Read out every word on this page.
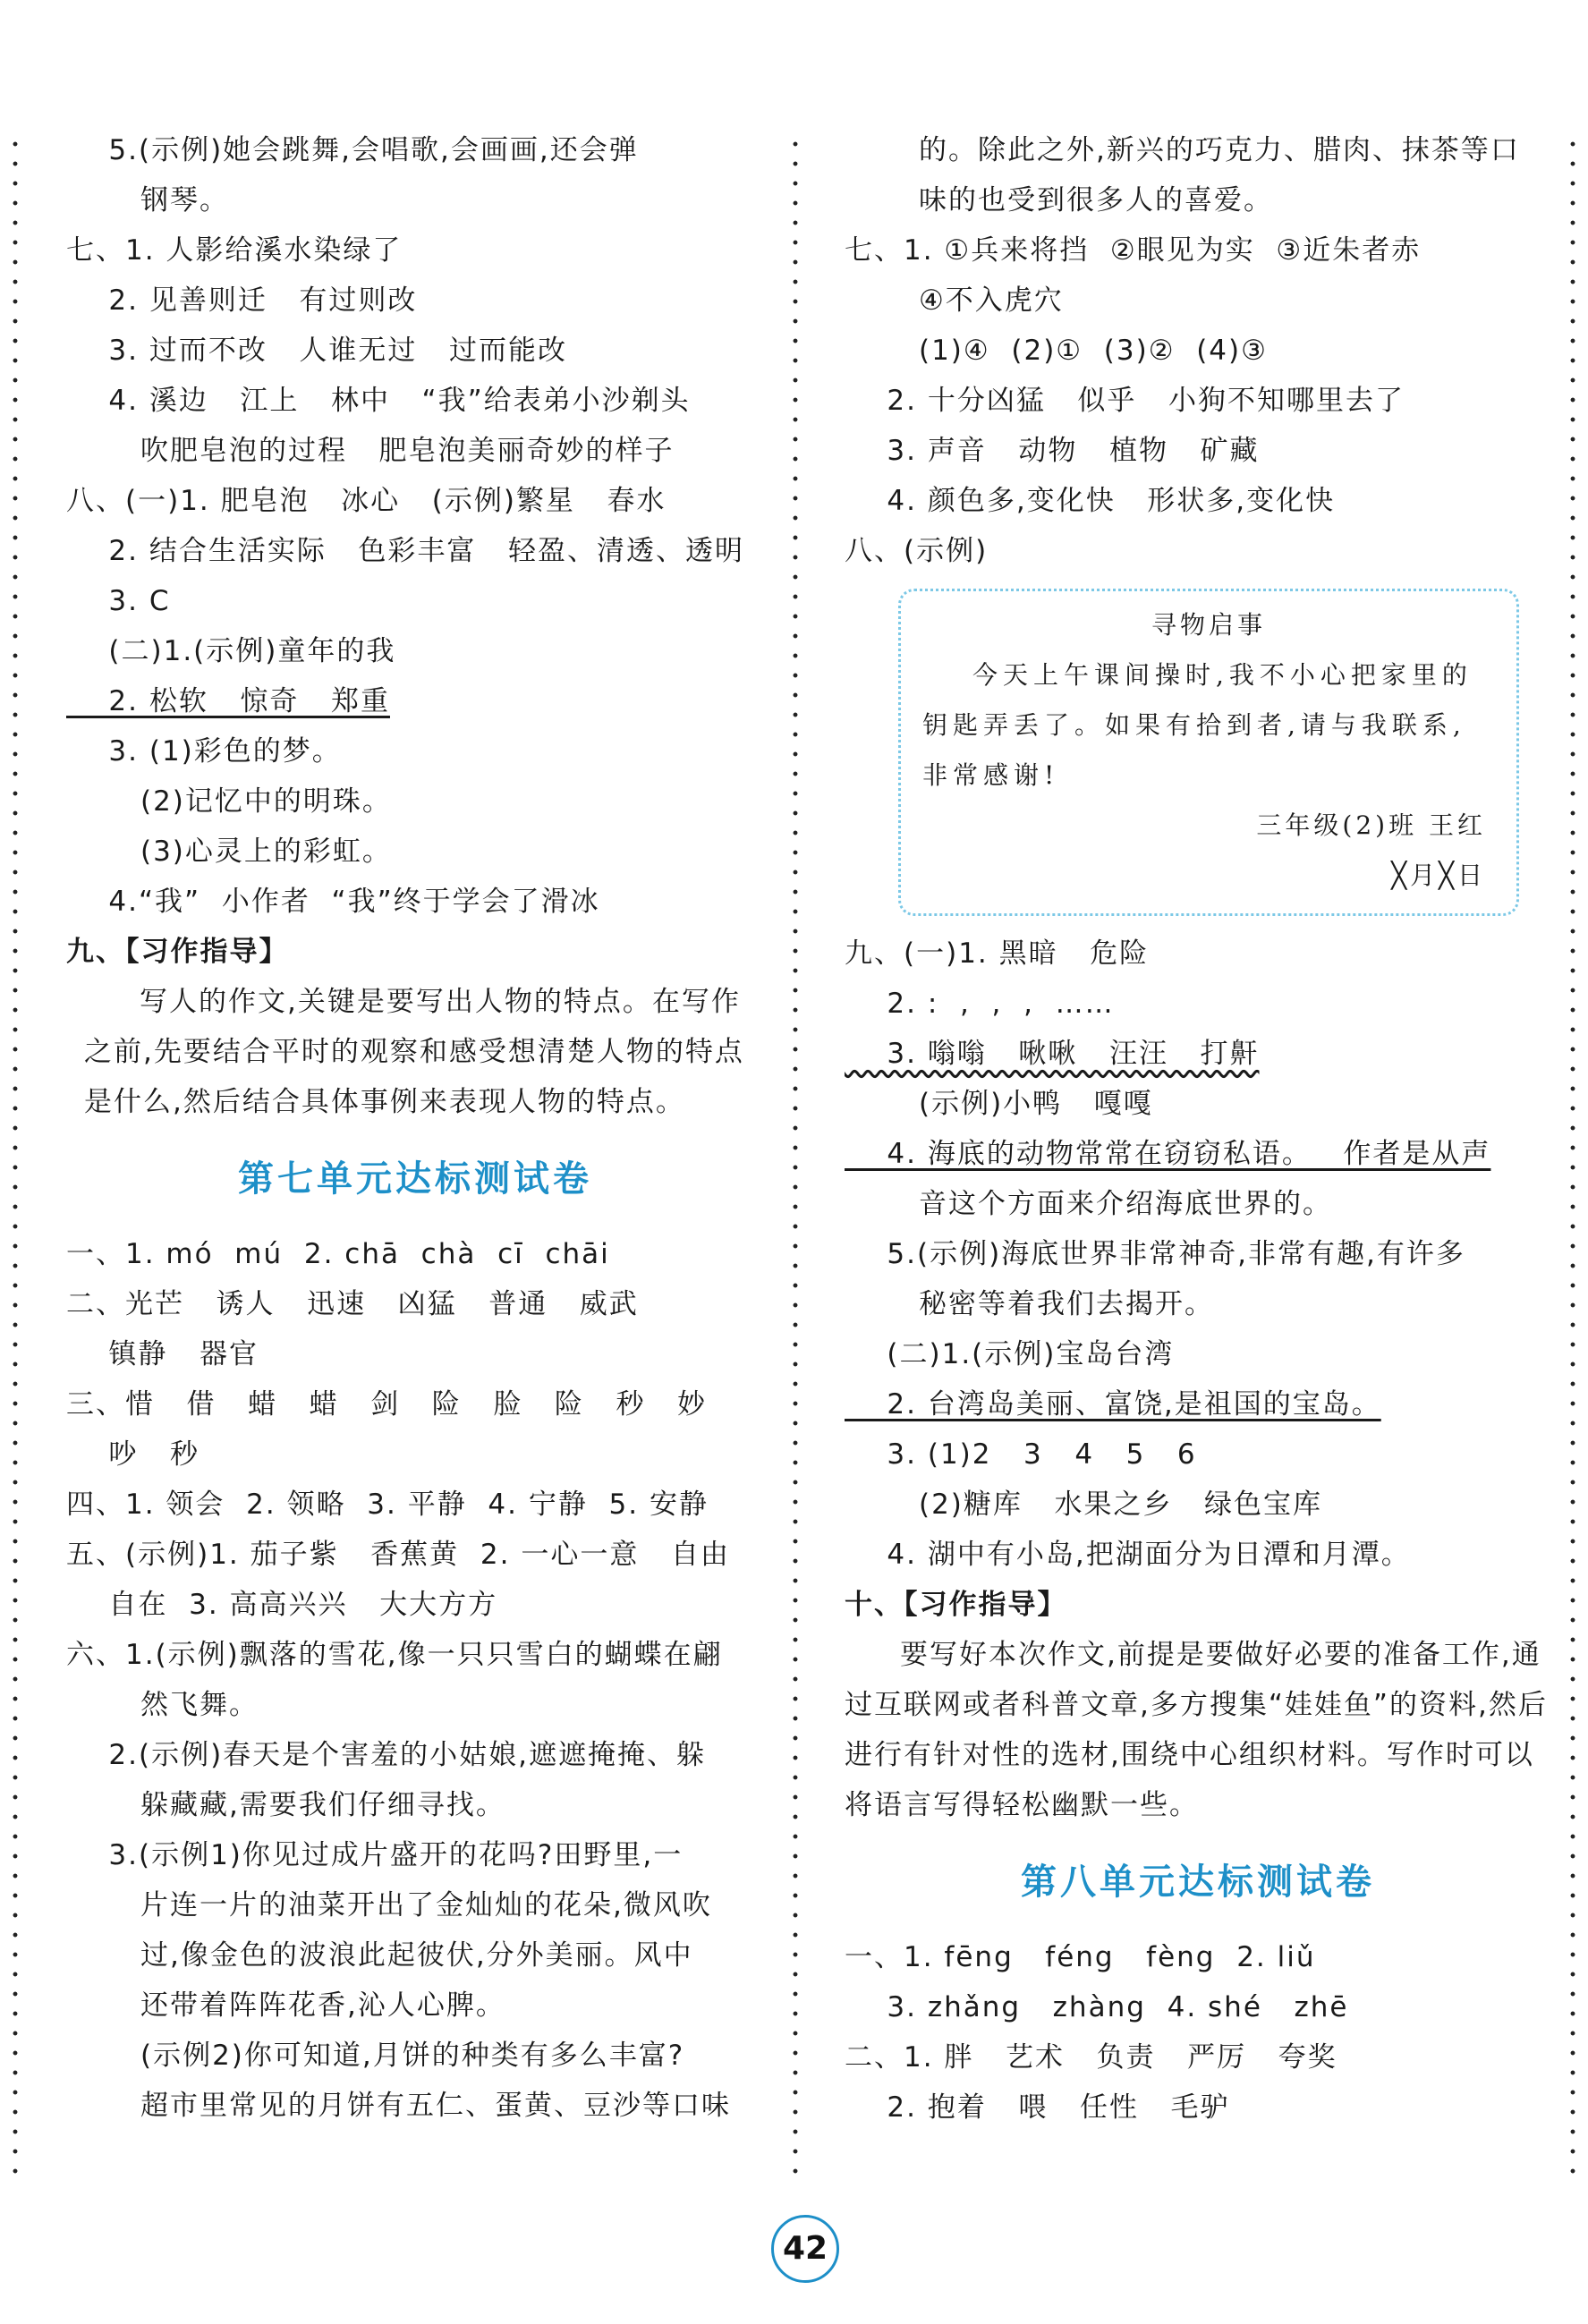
5.(示例)她会跳舞,会唱歌,会画画,还会弹
钢琴。
七、1. 人影给溪水染绿了
2. 见善则迁   有过则改
3. 过而不改   人谁无过   过而能改
4. 溪边   江上   林中   “我”给表弟小沙剃头
吹肥皂泡的过程   肥皂泡美丽奇妙的样子
八、(一)1. 肥皂泡   冰心   (示例)繁星   春水
2. 结合生活实际   色彩丰富   轻盈、清透、透明
3. C
(二)1.(示例)童年的我
2. 松软   惊奇   郑重
3. (1)彩色的梦。
(2)记忆中的明珠。
(3)心灵上的彩虹。
4.“我”  小作者  “我”终于学会了滑冰
九、【习作指导】
写人的作文,关键是要写出人物的特点。在写作之前,先要结合平时的观察和感受想清楚人物的特点是什么,然后结合具体事例来表现人物的特点。
第七单元达标测试卷
一、1. mó  mú  2. chā  chà  cī  chāi
二、光芒   诱人   迅速   凶猛   普通   威武
镇静   器官
三、惜   借   蜡   蜡   剑   险   脸   险   秒   妙
吵   秒
四、1. 领会  2. 领略  3. 平静  4. 宁静  5. 安静
五、(示例)1. 茄子紫   香蕉黄  2. 一心一意   自由
自在  3. 高高兴兴   大大方方
六、1.(示例)飘落的雪花,像一只只雪白的蝴蝶在翩
然飞舞。
2.(示例)春天是个害羞的小姑娘,遮遮掩掩、躲
躲藏藏,需要我们仔细寻找。
3.(示例1)你见过成片盛开的花吗?田野里,一
片连一片的油菜开出了金灿灿的花朵,微风吹
过,像金色的波浪此起彼伏,分外美丽。风中
还带着阵阵花香,沁人心脾。
(示例2)你可知道,月饼的种类有多么丰富?
超市里常见的月饼有五仁、蛋黄、豆沙等口味
的。除此之外,新兴的巧克力、腊肉、抹茶等口
味的也受到很多人的喜爱。
七、1. ①兵来将挡  ②眼见为实  ③近朱者赤
④不入虎穴
(1)④  (2)①  (3)②  (4)③
2. 十分凶猛   似乎   小狗不知哪里去了
3. 声音   动物   植物   矿藏
4. 颜色多,变化快   形状多,变化快
八、(示例)
寻物启事
今天上午课间操时,我不小心把家里的钥匙弄丢了。如果有拾到者,请与我联系,非常感谢!
三年级(2)班 王红
╳月╳日
九、(一)1. 黑暗   危险
2. :  ,  ,  ,  ……
3. 嗡嗡   啾啾   汪汪   打鼾
(示例)小鸭   嘎嘎
4. 海底的动物常常在窃窃私语。   作者是从声
音这个方面来介绍海底世界的。
5.(示例)海底世界非常神奇,非常有趣,有许多
秘密等着我们去揭开。
(二)1.(示例)宝岛台湾
2. 台湾岛美丽、富饶,是祖国的宝岛。
3. (1)2   3   4   5   6
(2)糖库   水果之乡   绿色宝库
4. 湖中有小岛,把湖面分为日潭和月潭。
十、【习作指导】
要写好本次作文,前提是要做好必要的准备工作,通过互联网或者科普文章,多方搜集“娃娃鱼”的资料,然后进行有针对性的选材,围绕中心组织材料。写作时可以将语言写得轻松幽默一些。
第八单元达标测试卷
一、1. fēng   féng   fèng  2. liǔ
3. zhǎng   zhàng  4. shé   zhē
二、1. 胖   艺术   负责   严厉   夸奖
2. 抱着   喂   任性   毛驴
42
